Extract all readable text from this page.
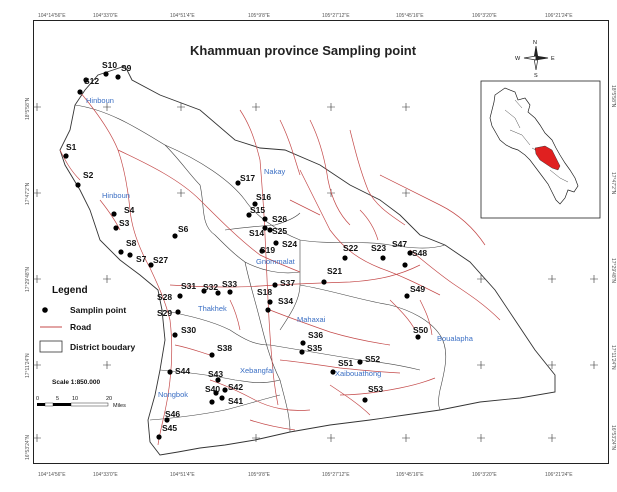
104°14'56"E	104°33'0"E	104°51'4"E	105°9'8"E	105°27'12"E	105°45'16"E	106°3'20"E	106°21'24"E
104°14'56"E	104°33'0"E	104°51'4"E	105°9'8"E	105°27'12"E	105°45'16"E	106°3'20"E	106°21'24"E
18°5'58"N
17°47'2"N
17°29'48"N
17°11'24"N
16°53'24"N
18°5'58"N
17°47'2"N
17°29'48"N
17°11'24"N
16°53'24"N
Khammuan province Sampling point
S10 S9
S12
S1
S2
S4
S3
S8
S7 S27
S6
S17
S16
S15
S26
S14 S25
S24
S19	S22 S23 S47
S48
S21
S37
S18
S34
S31 S32 S33
S28
S29
S30
S49
S50
S36
S35
S38
S51 S52
S43
S44
S40 S42
S41
S53
S46
S45
Hinboun
Hinboun
Nakay
Gnommalat
Thakhek
Mahaxai
Boualapha
Xebangfai	Xaibouathong
Nongbok
Legend
Samplin point
Road
District boudary
Scale 1:850.000
0	5 10	20
Miles
N
S
E
W
